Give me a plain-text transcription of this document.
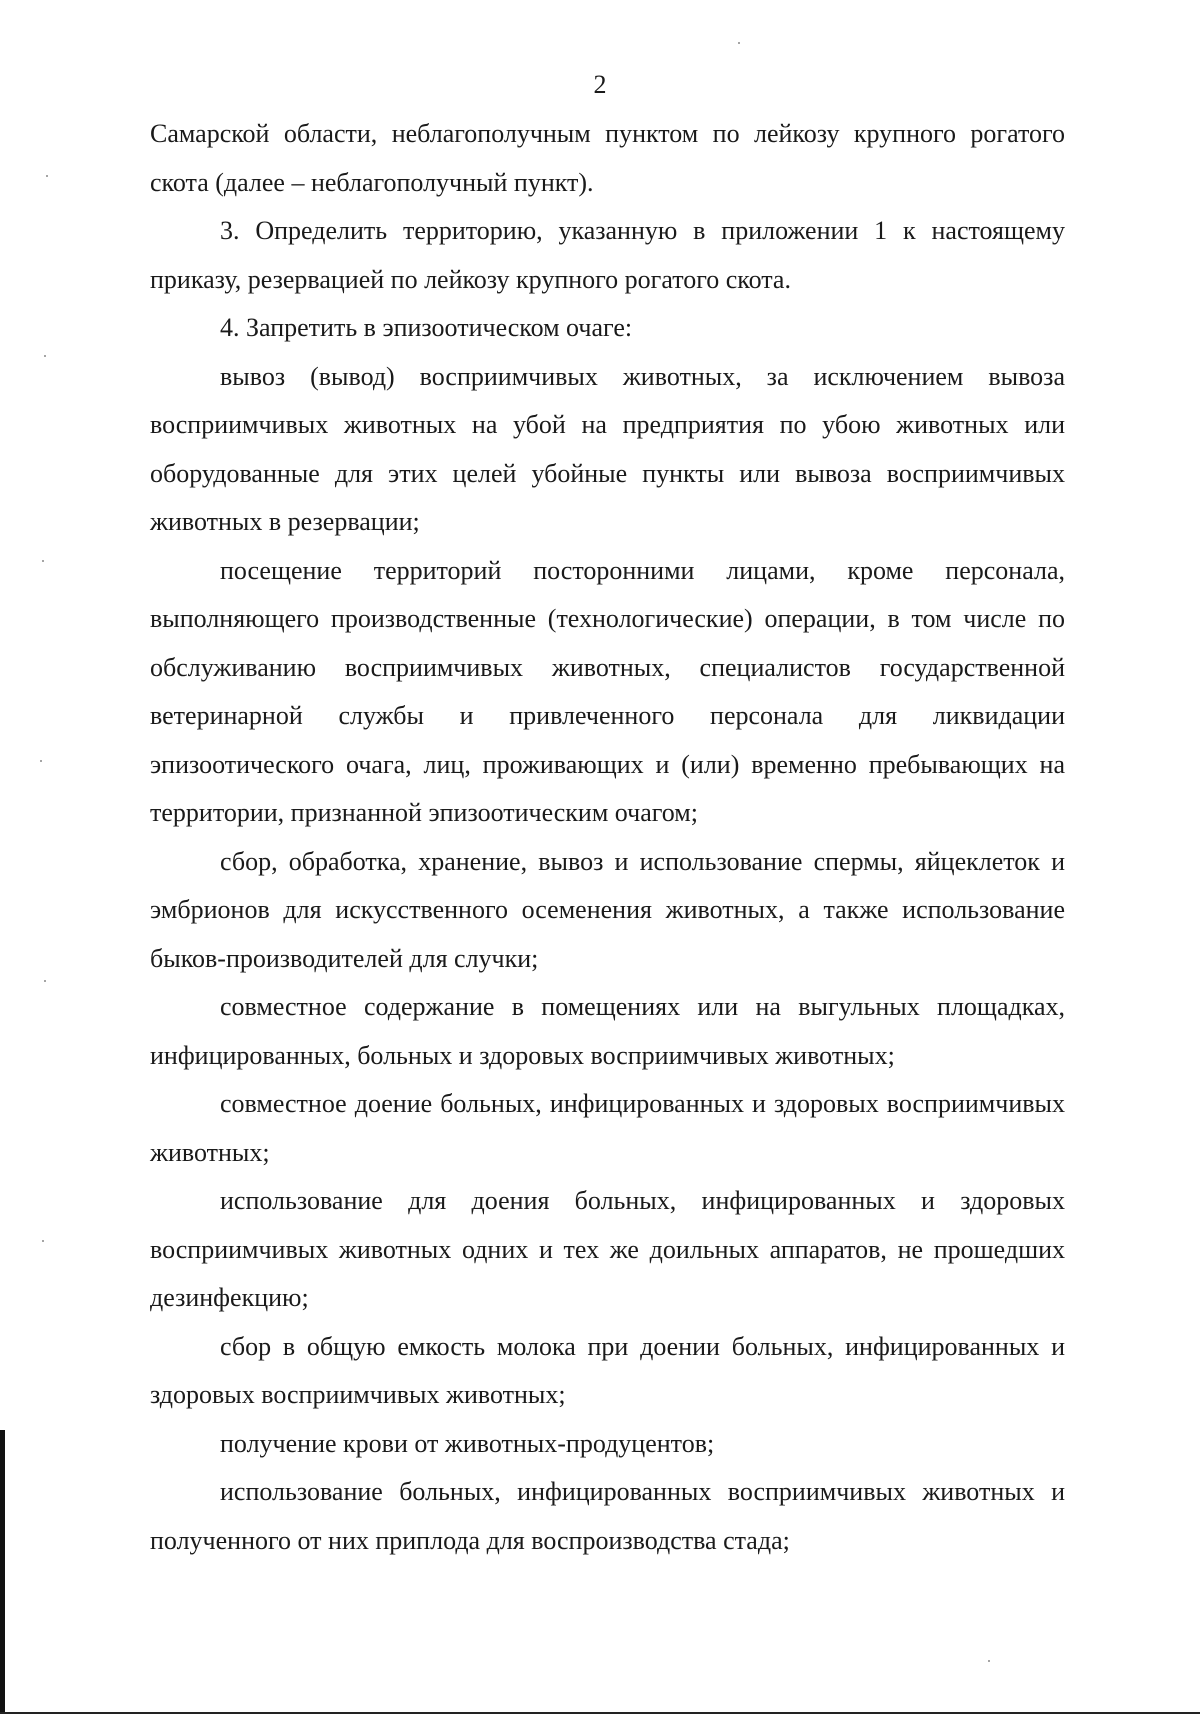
2

Самарской области, неблагополучным пунктом по лейкозу крупного рогатого скота (далее – неблагополучный пункт).

3. Определить территорию, указанную в приложении 1 к настоящему приказу, резервацией по лейкозу крупного рогатого скота.

4. Запретить в эпизоотическом очаге:

вывоз (вывод) восприимчивых животных, за исключением вывоза восприимчивых животных на убой на предприятия по убою животных или оборудованные для этих целей убойные пункты или вывоза восприимчивых животных в резервации;

посещение территорий посторонними лицами, кроме персонала, выполняющего производственные (технологические) операции, в том числе по обслуживанию восприимчивых животных, специалистов государственной ветеринарной службы и привлеченного персонала для ликвидации эпизоотического очага, лиц, проживающих и (или) временно пребывающих на территории, признанной эпизоотическим очагом;

сбор, обработка, хранение, вывоз и использование спермы, яйцеклеток и эмбрионов для искусственного осеменения животных, а также использование быков-производителей для случки;

совместное содержание в помещениях или на выгульных площадках, инфицированных, больных и здоровых восприимчивых животных;

совместное доение больных, инфицированных и здоровых восприимчивых животных;

использование для доения больных, инфицированных и здоровых восприимчивых животных одних и тех же доильных аппаратов, не прошедших дезинфекцию;

сбор в общую емкость молока при доении больных, инфицированных и здоровых восприимчивых животных;

получение крови от животных-продуцентов;

использование больных, инфицированных восприимчивых животных и полученного от них приплода для воспроизводства стада;
